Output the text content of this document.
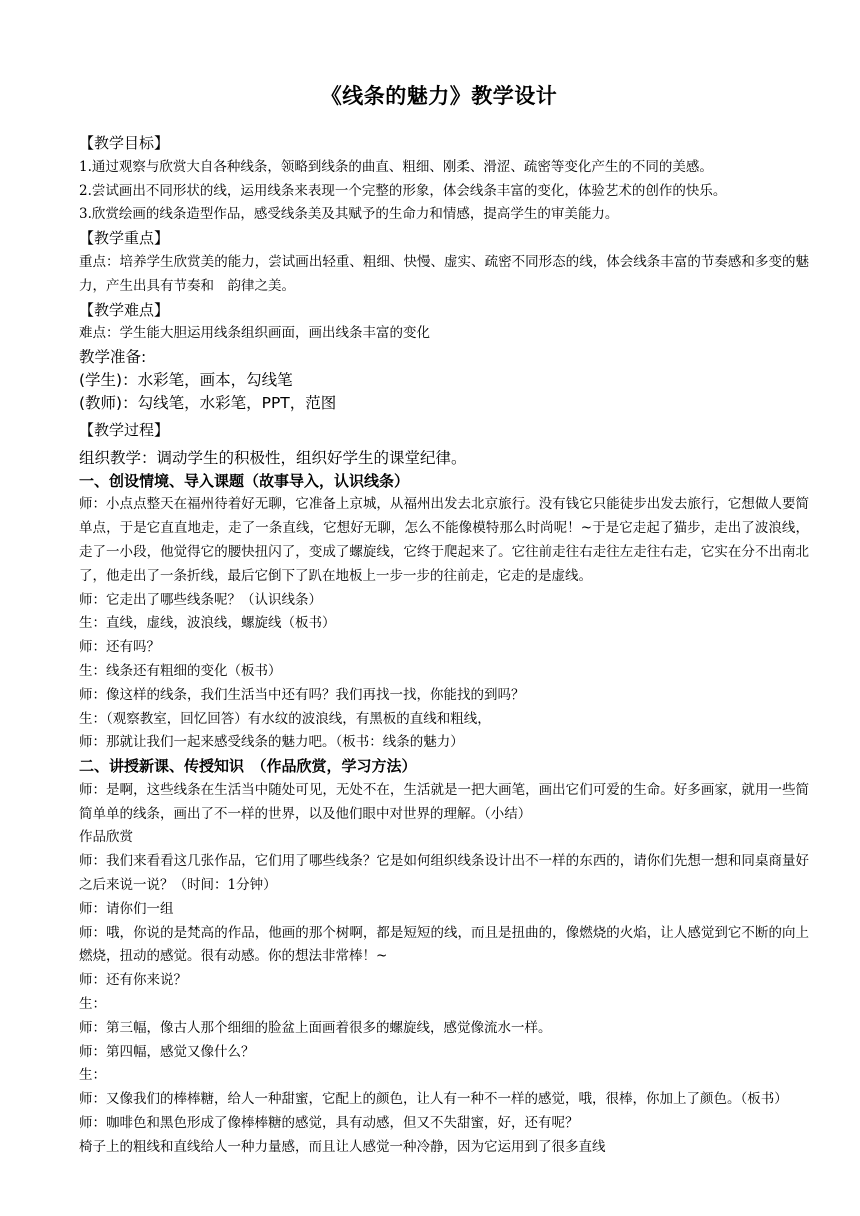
《线条的魅力》教学设计

【教学目标】

1.通过观察与欣赏大自各种线条，领略到线条的曲直、粗细、刚柔、滑涩、疏密等变化产生的不同的美感。

2.尝试画出不同形状的线，运用线条来表现一个完整的形象，体会线条丰富的变化，体验艺术的创作的快乐。

3.欣赏绘画的线条造型作品，感受线条美及其赋予的生命力和情感，提高学生的审美能力。

【教学重点】

重点：培养学生欣赏美的能力，尝试画出轻重、粗细、快慢、虚实、疏密不同形态的线，体会线条丰富的节奏感和多变的魅力，产生出具有节奏和　韵律之美。

【教学难点】

难点：学生能大胆运用线条组织画面，画出线条丰富的变化

教学准备:

(学生)：水彩笔，画本，勾线笔

(教师)：勾线笔，水彩笔，PPT，范图

【教学过程】

组织教学：调动学生的积极性，组织好学生的课堂纪律。

一、创设情境、导入课题（故事导入，认识线条）

师：小点点整天在福州待着好无聊，它准备上京城，从福州出发去北京旅行。没有钱它只能徒步出发去旅行，它想做人要简单点，于是它直直地走，走了一条直线，它想好无聊，怎么不能像模特那么时尚呢！~于是它走起了猫步，走出了波浪线，走了一小段，他觉得它的腰快扭闪了，变成了螺旋线，它终于爬起来了。它往前走往右走往左走往右走，它实在分不出南北了，他走出了一条折线，最后它倒下了趴在地板上一步一步的往前走，它走的是虚线。

师：它走出了哪些线条呢？（认识线条）

生：直线，虚线，波浪线，螺旋线（板书）

师：还有吗？

生：线条还有粗细的变化（板书）

师：像这样的线条，我们生活当中还有吗？我们再找一找，你能找的到吗？

生：（观察教室，回忆回答）有水纹的波浪线，有黑板的直线和粗线，

师：那就让我们一起来感受线条的魅力吧。（板书：线条的魅力）

二、讲授新课、传授知识　（作品欣赏，学习方法）

师：是啊，这些线条在生活当中随处可见，无处不在，生活就是一把大画笔，画出它们可爱的生命。好多画家，就用一些简简单单的线条，画出了不一样的世界，以及他们眼中对世界的理解。（小结）

作品欣赏

师：我们来看看这几张作品，它们用了哪些线条？它是如何组织线条设计出不一样的东西的，请你们先想一想和同桌商量好之后来说一说？（时间：1分钟）

师：请你们一组

师：哦，你说的是梵高的作品，他画的那个树啊，都是短短的线，而且是扭曲的，像燃烧的火焰，让人感觉到它不断的向上燃烧，扭动的感觉。很有动感。你的想法非常棒！~

师：还有你来说？

生：

师：第三幅，像古人那个细细的脸盆上面画着很多的螺旋线，感觉像流水一样。

师：第四幅，感觉又像什么？

生：

师：又像我们的棒棒糖，给人一种甜蜜，它配上的颜色，让人有一种不一样的感觉，哦，很棒，你加上了颜色。（板书）

师：咖啡色和黑色形成了像棒棒糖的感觉，具有动感，但又不失甜蜜，好，还有呢？

椅子上的粗线和直线给人一种力量感，而且让人感觉一种冷静，因为它运用到了很多直线
